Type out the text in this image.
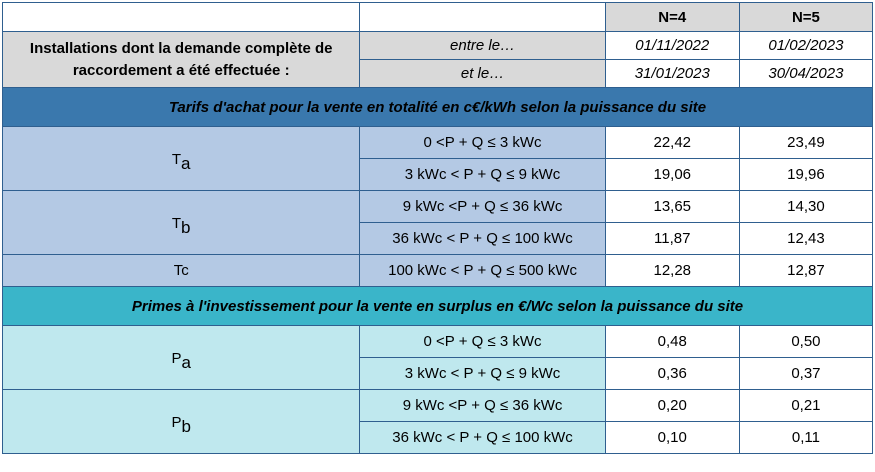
		N=4	N=5

Installations dont la demande complète de
raccordement a été effectuée :	entre le…	01/11/2022	01/02/2023
	et le…	31/01/2023	30/04/2023
Tarifs d'achat pour la vente en totalité en c€/kWh selon la puissance du site			
$T_a$	0 <P + Q ≤ 3 kWc	22,42	23,49
	3 kWc < P + Q ≤ 9 kWc	19,06	19,96
$T_b$	9 kWc <P + Q ≤ 36 kWc	13,65	14,30
	36 kWc < P + Q ≤ 100 kWc	11,87	12,43
Tc	100 kWc < P + Q ≤ 500 kWc	12,28	12,87
Primes à l'investissement pour la vente en surplus en €/Wc selon la puissance du site			
$P_a$	0 <P + Q ≤ 3 kWc	0,48	0,50
	3 kWc < P + Q ≤ 9 kWc	0,36	0,37
$P_b$	9 kWc <P + Q ≤ 36 kWc	0,20	0,21
	36 kWc < P + Q ≤ 100 kWc	0,10	0,11
